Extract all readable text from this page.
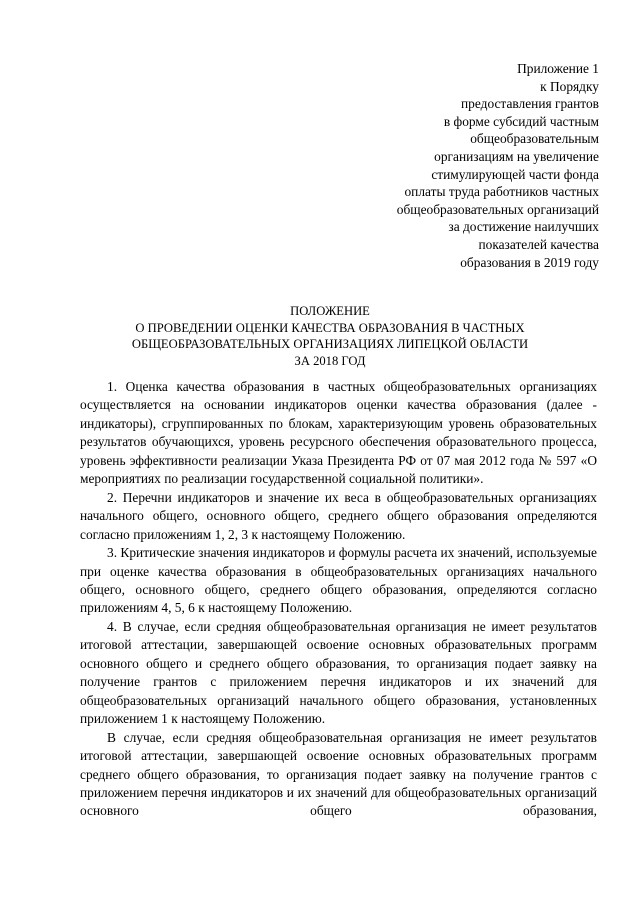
Приложение 1
к Порядку
предоставления грантов
в форме субсидий частным
общеобразовательным
организациям на увеличение
стимулирующей части фонда
оплаты труда работников частных
общеобразовательных организаций
за достижение наилучших
показателей качества
образования в 2019 году
ПОЛОЖЕНИЕ
О ПРОВЕДЕНИИ ОЦЕНКИ КАЧЕСТВА ОБРАЗОВАНИЯ В ЧАСТНЫХ
ОБЩЕОБРАЗОВАТЕЛЬНЫХ ОРГАНИЗАЦИЯХ ЛИПЕЦКОЙ ОБЛАСТИ
ЗА 2018 ГОД

1. Оценка качества образования в частных общеобразовательных организациях осуществляется на основании индикаторов оценки качества образования (далее - индикаторы), сгруппированных по блокам, характеризующим уровень образовательных результатов обучающихся, уровень ресурсного обеспечения образовательного процесса, уровень эффективности реализации Указа Президента РФ от 07 мая 2012 года № 597 «О мероприятиях по реализации государственной социальной политики».

2. Перечни индикаторов и значение их веса в общеобразовательных организациях начального общего, основного общего, среднего общего образования определяются согласно приложениям 1, 2, 3 к настоящему Положению.

3. Критические значения индикаторов и формулы расчета их значений, используемые при оценке качества образования в общеобразовательных организациях начального общего, основного общего, среднего общего образования, определяются согласно приложениям 4, 5, 6 к настоящему Положению.

4. В случае, если средняя общеобразовательная организация не имеет результатов итоговой аттестации, завершающей освоение основных образовательных программ основного общего и среднего общего образования, то организация подает заявку на получение грантов с приложением перечня индикаторов и их значений для общеобразовательных организаций начального общего образования, установленных приложением 1 к настоящему Положению.

В случае, если средняя общеобразовательная организация не имеет результатов итоговой аттестации, завершающей освоение основных образовательных программ среднего общего образования, то организация подает заявку на получение грантов с приложением перечня индикаторов и их значений для общеобразовательных организаций основного общего образования,
